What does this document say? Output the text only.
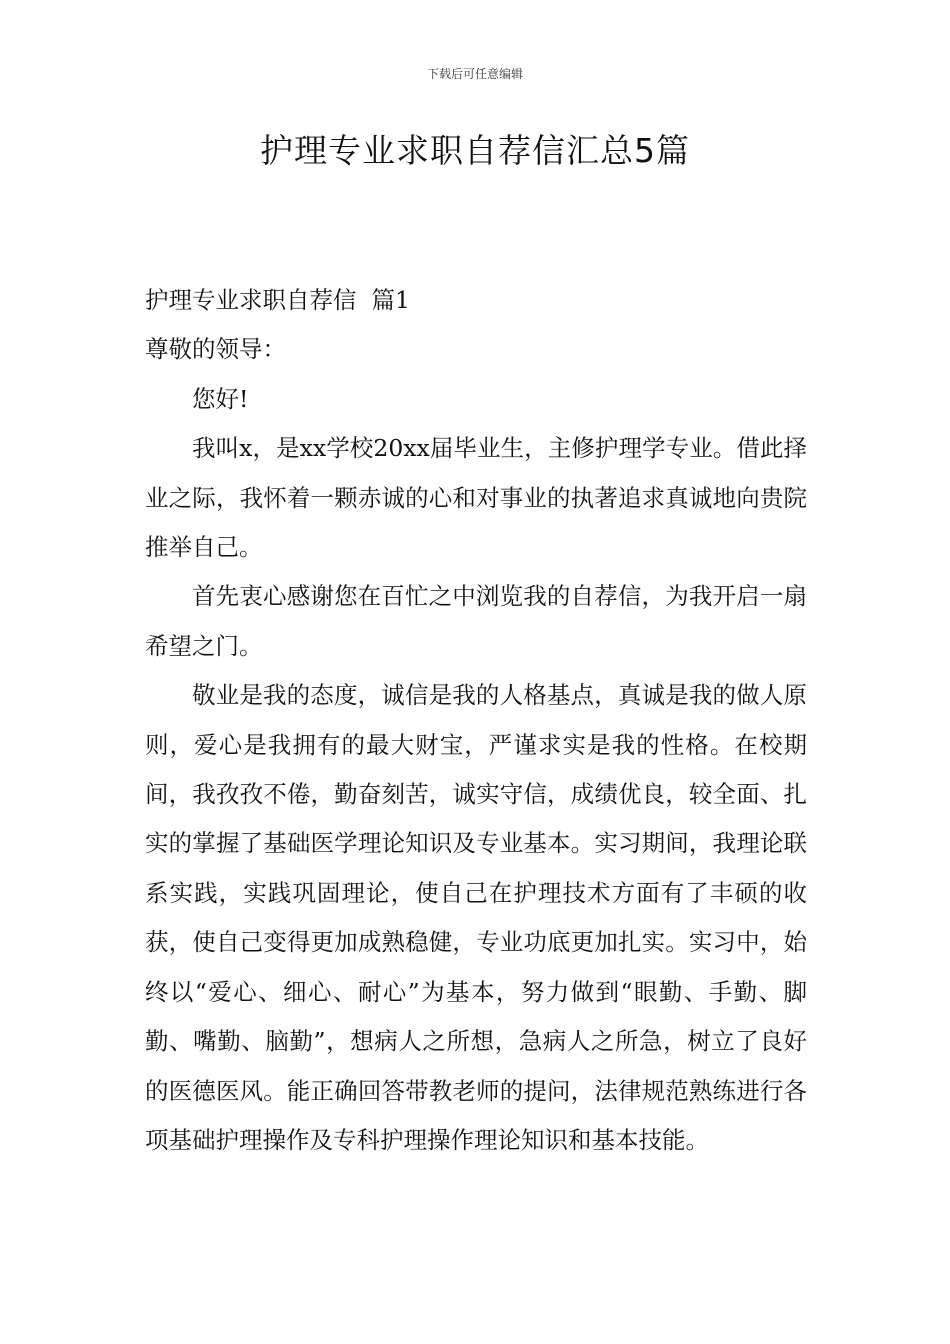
下载后可任意编辑
护理专业求职自荐信汇总5篇

护理专业求职自荐信  篇1

尊敬的领导：

您好!

我叫x，是xx学校20xx届毕业生，主修护理学专业。借此择业之际，我怀着一颗赤诚的心和对事业的执著追求真诚地向贵院推举自己。

首先衷心感谢您在百忙之中浏览我的自荐信，为我开启一扇希望之门。

敬业是我的态度，诚信是我的人格基点，真诚是我的做人原则，爱心是我拥有的最大财宝，严谨求实是我的性格。在校期间，我孜孜不倦，勤奋刻苦，诚实守信，成绩优良，较全面、扎实的掌握了基础医学理论知识及专业基本。实习期间，我理论联系实践，实践巩固理论，使自己在护理技术方面有了丰硕的收获，使自己变得更加成熟稳健，专业功底更加扎实。实习中，始终以“爱心、细心、耐心”为基本，努力做到“眼勤、手勤、脚勤、嘴勤、脑勤”，想病人之所想，急病人之所急，树立了良好的医德医风。能正确回答带教老师的提问，法律规范熟练进行各项基础护理操作及专科护理操作理论知识和基本技能。
